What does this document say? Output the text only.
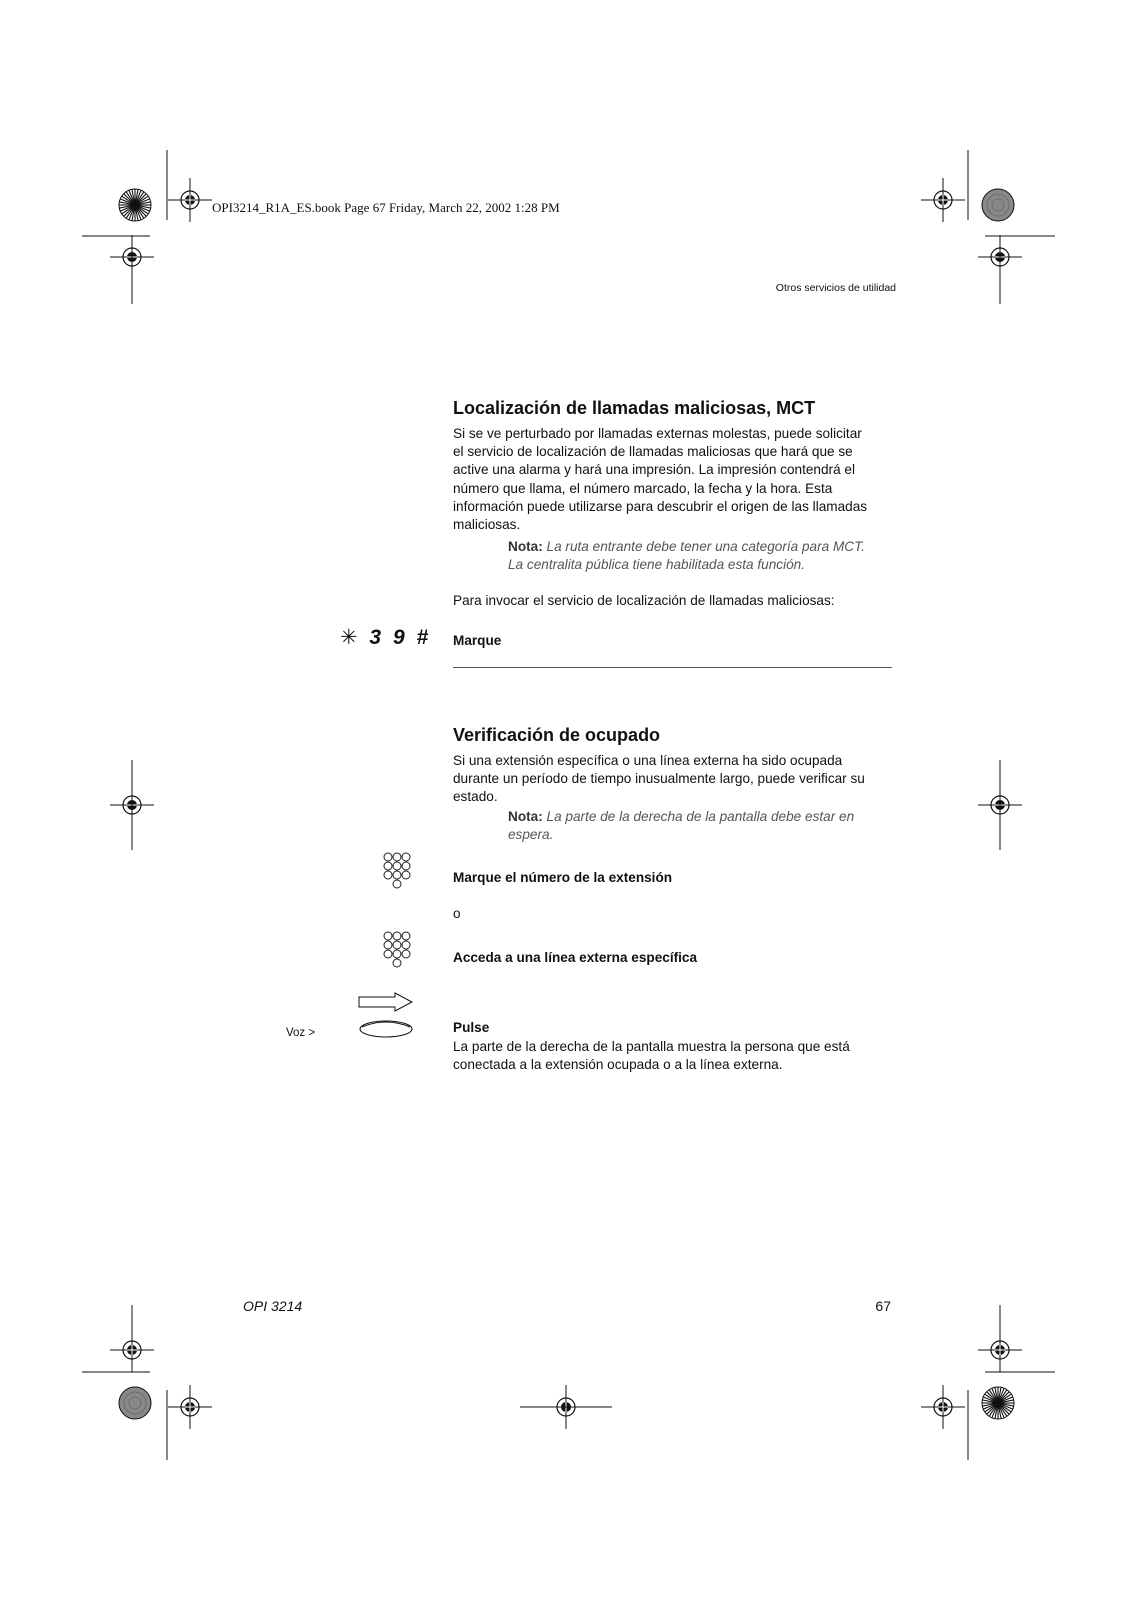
OPI3214_R1A_ES.book Page 67 Friday, March 22, 2002 1:28 PM
Otros servicios de utilidad
Localización de llamadas maliciosas, MCT

Si se ve perturbado por llamadas externas molestas, puede solicitar

el servicio de localización de llamadas maliciosas que hará que se

active una alarma y hará una impresión. La impresión contendrá el

número que llama, el número marcado, la fecha y la hora. Esta

información puede utilizarse para descubrir el origen de las llamadas

maliciosas.

Nota: La ruta entrante debe tener una categoría para MCT.
La centralita pública tiene habilitada esta función.

Para invocar el servicio de localización de llamadas maliciosas:

✳ 3 9 # Marque
Verificación de ocupado

Si una extensión específica o una línea externa ha sido ocupada

durante un período de tiempo inusualmente largo, puede verificar su

estado.

Nota: La parte de la derecha de la pantalla debe estar en
espera.
Marque el número de la extensión
o
Acceda a una línea externa específica
Voz >	Pulse

La parte de la derecha de la pantalla muestra la persona que está

conectada a la extensión ocupada o a la línea externa.

OPI 3214	67
